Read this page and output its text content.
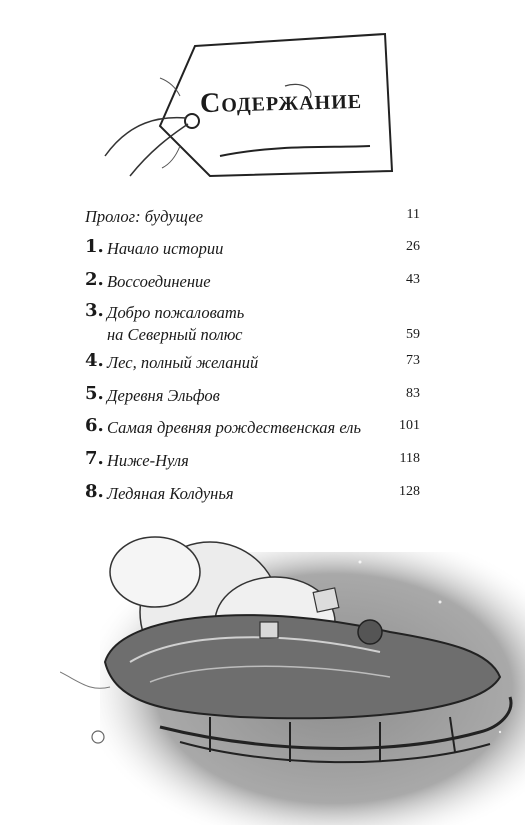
Содержание
Пролог: будущее	11
1. Начало истории	26
2. Воссоединение	43
3. Добро пожаловать
на Северный полюс	59
4. Лес, полный желаний	73
5. Деревня Эльфов	83
6. Самая древняя рождественская ель	101
7. Ниже-Нуля	118
8. Ледяная Колдунья	128
